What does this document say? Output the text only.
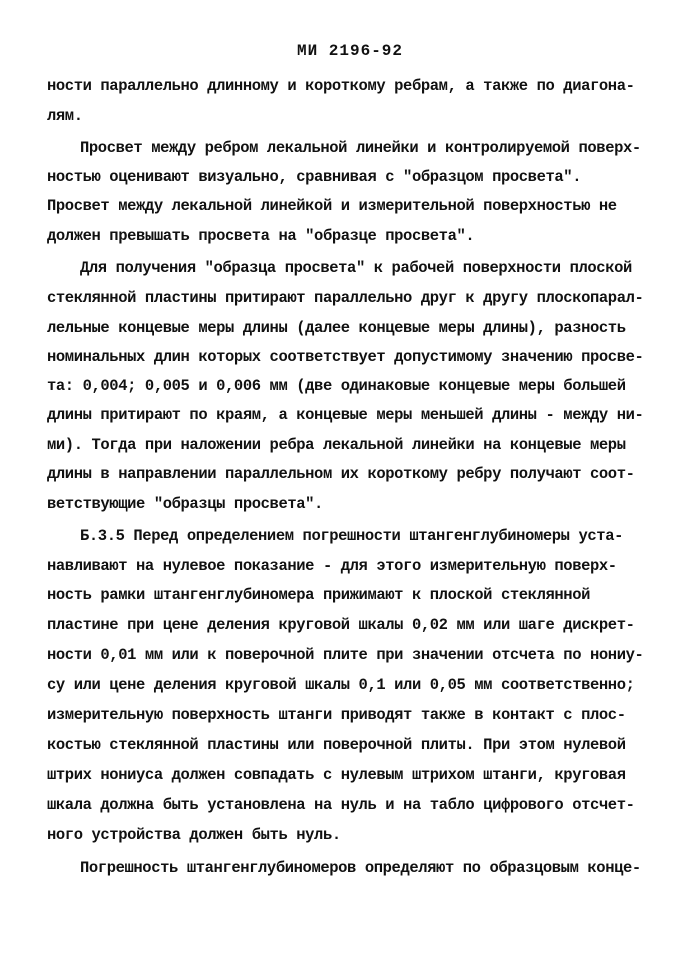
МИ 2196-92
ности параллельно длинному и короткому ребрам, а также по диагона-
лям.
Просвет между ребром лекальной линейки и контролируемой поверх-
ностью оценивают визуально, сравнивая с "образцом просвета".
Просвет между лекальной линейкой и измерительной поверхностью не
должен превышать просвета на "образце просвета".
Для получения "образца просвета" к рабочей поверхности плоской
стеклянной пластины притирают параллельно друг к другу плоскопарал-
лельные концевые меры длины (далее концевые меры длины), разность
номинальных длин которых соответствует допустимому значению просве-
та: 0,004; 0,005 и 0,006 мм (две одинаковые концевые меры большей
длины притирают по краям, а концевые меры меньшей длины - между ни-
ми). Тогда при наложении ребра лекальной линейки на концевые меры
длины в направлении параллельном их короткому ребру получают соот-
ветствующие "образцы просвета".
Б.3.5 Перед определением погрешности штангенглубиномеры уста-
навливают на нулевое показание - для этого измерительную поверх-
ность рамки штангенглубиномера прижимают к плоской стеклянной
пластине при цене деления круговой шкалы 0,02 мм или шаге дискрет-
ности 0,01 мм или к поверочной плите при значении отсчета по нониу-
су или цене деления круговой шкалы 0,1 или 0,05 мм соответственно;
измерительную поверхность штанги приводят также в контакт с плос-
костью стеклянной пластины или поверочной плиты. При этом нулевой
штрих нониуса должен совпадать с нулевым штрихом штанги, круговая
шкала должна быть установлена на нуль и на табло цифрового отсчет-
ного устройства должен быть нуль.
Погрешность штангенглубиномеров определяют по образцовым конце-
